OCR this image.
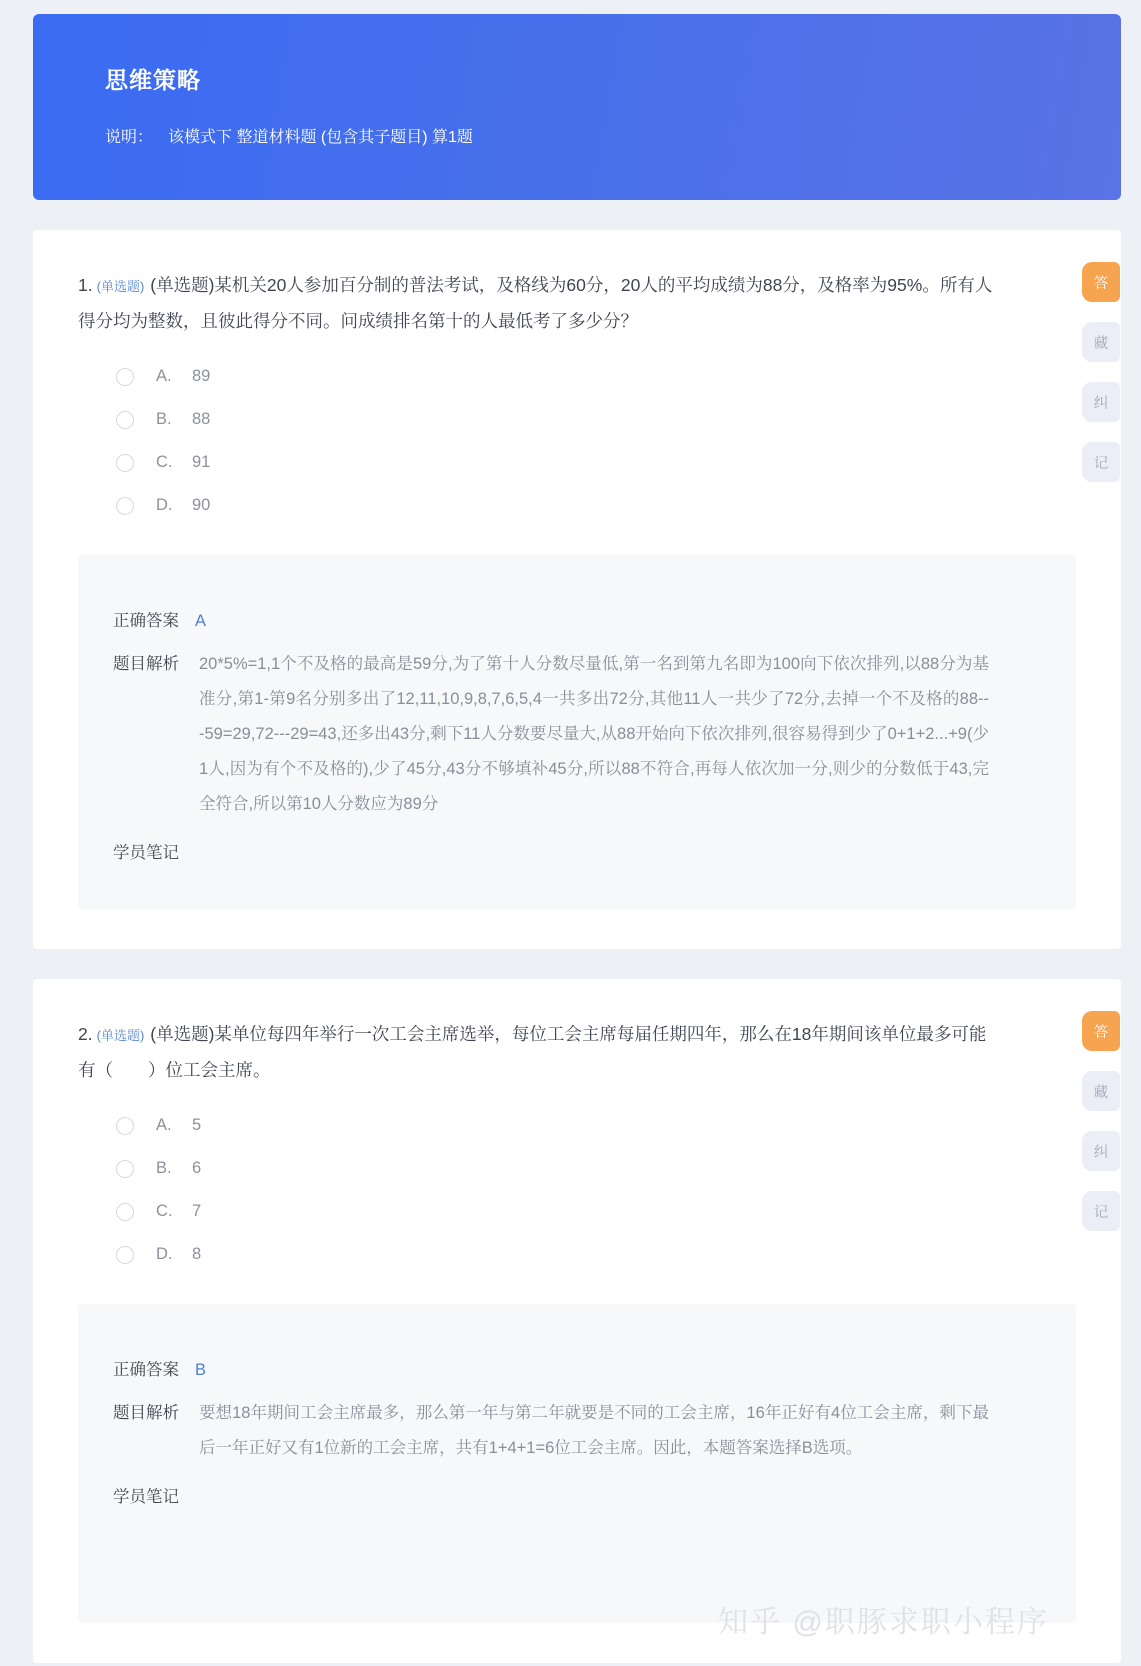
思维策略
说明： 该模式下 整道材料题 (包含其子题目) 算1题

1. (单选题) (单选题)某机关20人参加百分制的普法考试，及格线为60分，20人的平均成绩为88分，及格率为95%。所有人得分均为整数，且彼此得分不同。问成绩排名第十的人最低考了多少分？

A.	89
B.	88
C.	91
D.	90
正确答案 A
题目解析 20*5%=1,1个不及格的最高是59分,为了第十人分数尽量低,第一名到第九名即为100向下依次排列,以88分为基准分,第1-第9名分别多出了12,11,10,9,8,7,6,5,4一共多出72分,其他11人一共少了72分,去掉一个不及格的88---59=29,72---29=43,还多出43分,剩下11人分数要尽量大,从88开始向下依次排列,很容易得到少了0+1+2...+9(少1人,因为有个不及格的),少了45分,43分不够填补45分,所以88不符合,再每人依次加一分,则少的分数低于43,完全符合,所以第10人分数应为89分

学员笔记
答
藏
纠
记

2. (单选题) (单选题)某单位每四年举行一次工会主席选举，每位工会主席每届任期四年，那么在18年期间该单位最多可能有（　　）位工会主席。

A.	5
B.	6
C.	7
D.	8
正确答案 B
题目解析 要想18年期间工会主席最多，那么第一年与第二年就要是不同的工会主席，16年正好有4位工会主席，剩下最后一年正好又有1位新的工会主席，共有1+4+1=6位工会主席。因此，本题答案选择B选项。

学员笔记
答
藏
纠
记
知乎 @职豚求职小程序
